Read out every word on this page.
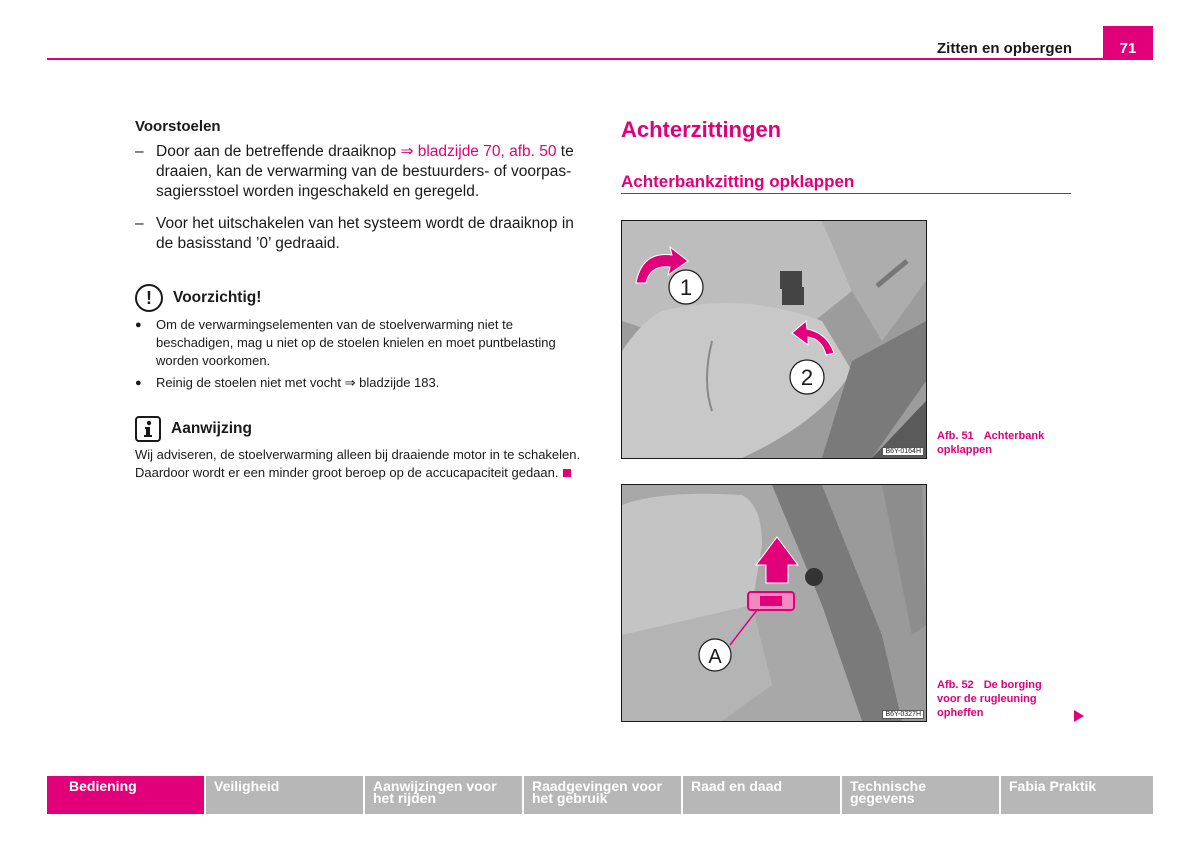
Zitten en opbergen	71
Voorstoelen
– Door aan de betreffende draaiknop ⇒ bladzijde 70, afb. 50 te draaien, kan de verwarming van de bestuurders- of voorpassagiersstoel worden ingeschakeld en geregeld.
– Voor het uitschakelen van het systeem wordt de draaiknop in de basisstand ’0’ gedraaid.
!	Voorzichtig!
●	Om de verwarmingselementen van de stoelverwarming niet te beschadigen, mag u niet op de stoelen knielen en moet puntbelasting worden voorkomen.
●	Reinig de stoelen niet met vocht ⇒ bladzijde 183.
Aanwijzing
Wij adviseren, de stoelverwarming alleen bij draaiende motor in te schakelen. Daardoor wordt er een minder groot beroep op de accucapaciteit gedaan.
Achterzittingen
Achterbankzitting opklappen
1
2
B6Y-0164H
Afb. 51 Achterbank opklappen
A
B6Y-0327H
Afb. 52 De borging voor de rugleuning opheffen
Bediening	Veiligheid	Aanwijzingen voor het rijden
Raadgevingen voor het gebruik
Raad en daad	Technische gegevens
Fabia Praktik
